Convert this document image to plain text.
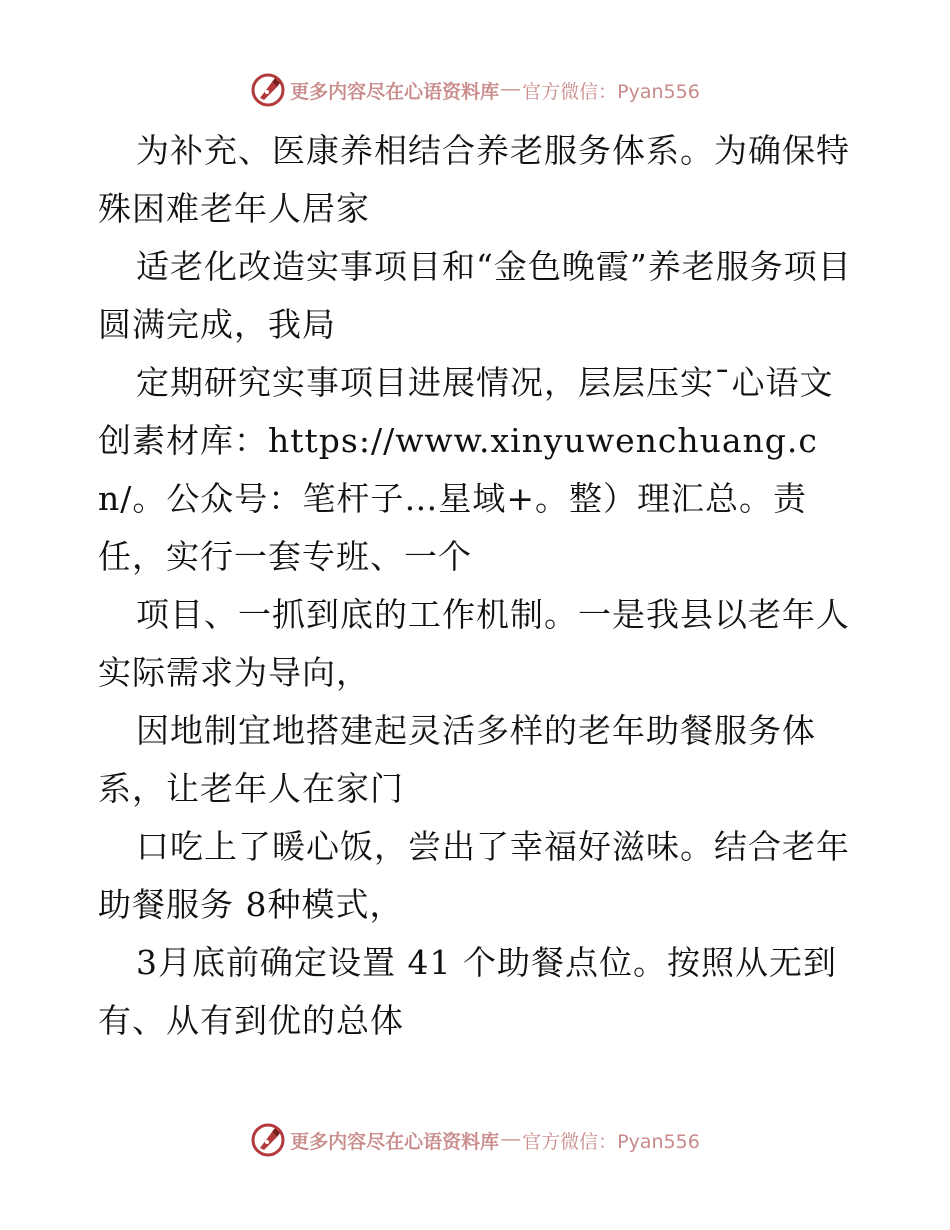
更多内容尽在心语资料库 — 官方微信：Pyan556

为补充、医康养相结合养老服务体系。为确保特殊困难老年人居家

适老化改造实事项目和“金色晚霞”养老服务项目圆满完成，我局

定期研究实事项目进展情况，层层压实¯心语文创素材库：https://www.xinyuwenchuang.cn/。公众号：笔杆子…星域+。整）理汇总。责任，实行一套专班、一个

项目、一抓到底的工作机制。一是我县以老年人实际需求为导向，

因地制宜地搭建起灵活多样的老年助餐服务体系，让老年人在家门

口吃上了暖心饭，尝出了幸福好滋味。结合老年助餐服务 8种模式，

3月底前确定设置 41 个助餐点位。按照从无到有、从有到优的总体

更多内容尽在心语资料库 — 官方微信：Pyan556
